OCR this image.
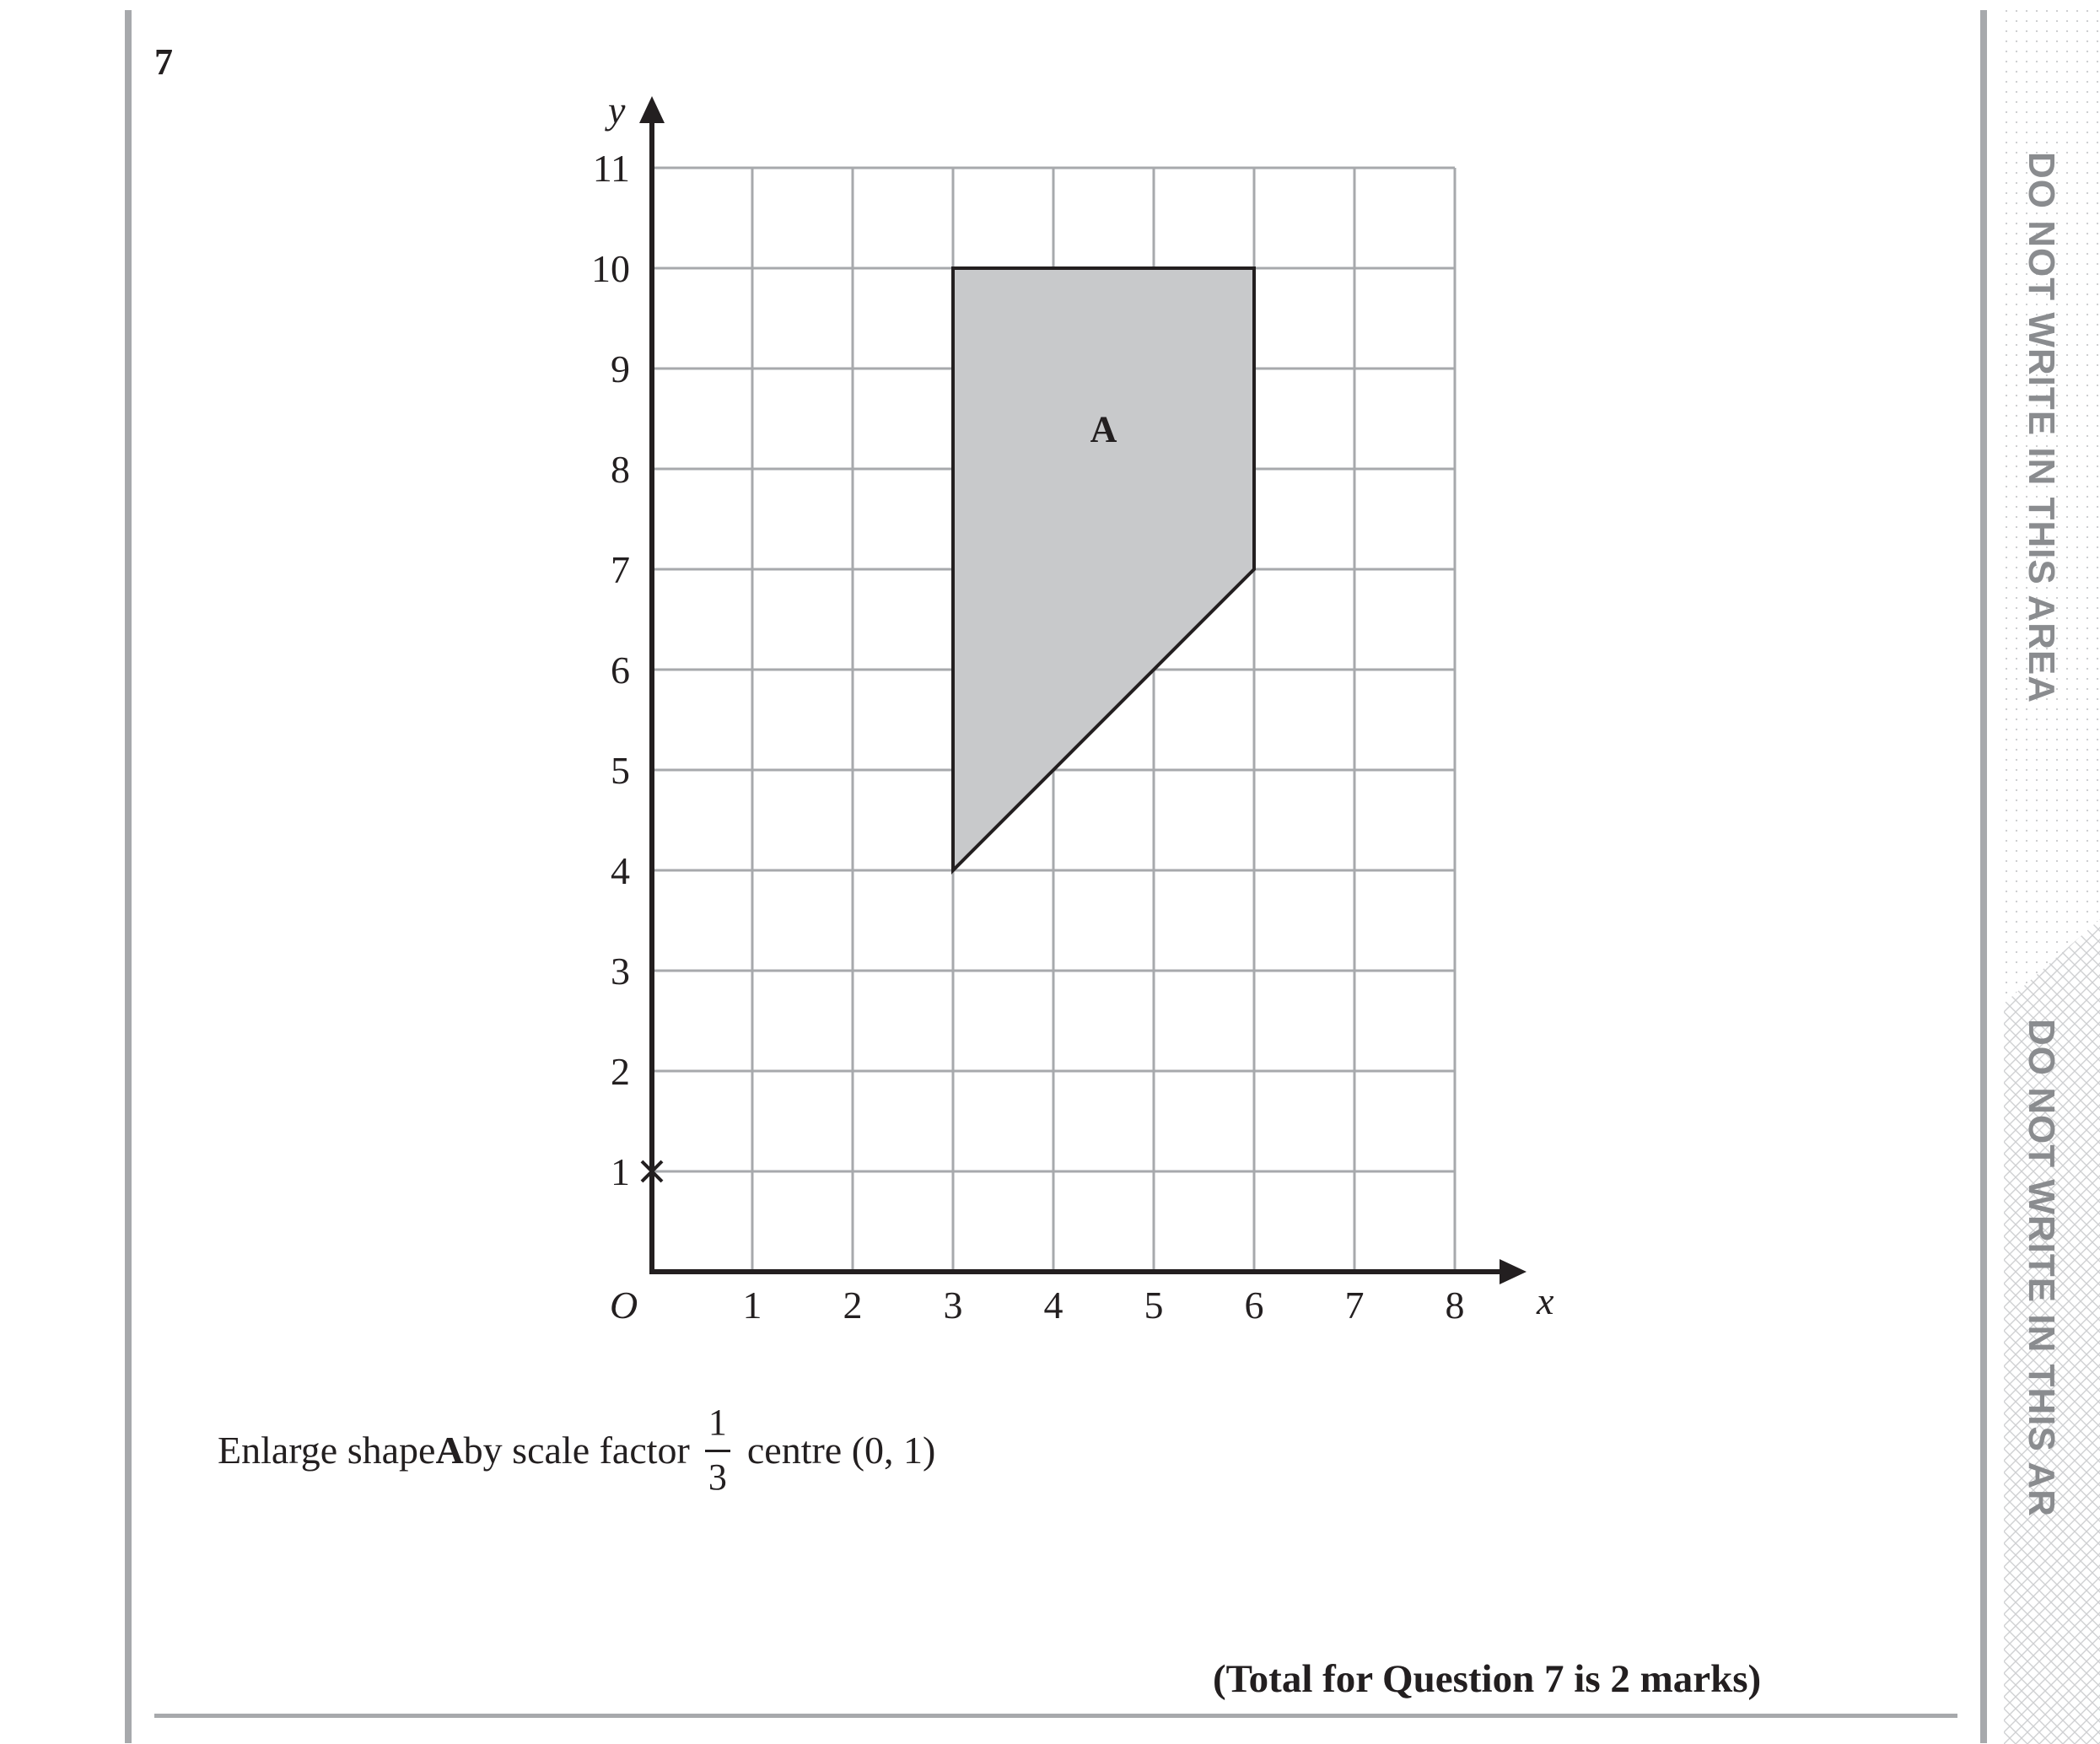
7
DO NOT WRITE IN THIS AREA
DO NOT WRITE IN THIS AR
A
1 2 3 4 5 6 7 8
1
2
3
4
5
6
7
8
9
10
11
x
y
O
Enlarge shape A by scale factor $\frac{1}{3}$ centre (0, 1)
(Total for Question 7 is 2 marks)
